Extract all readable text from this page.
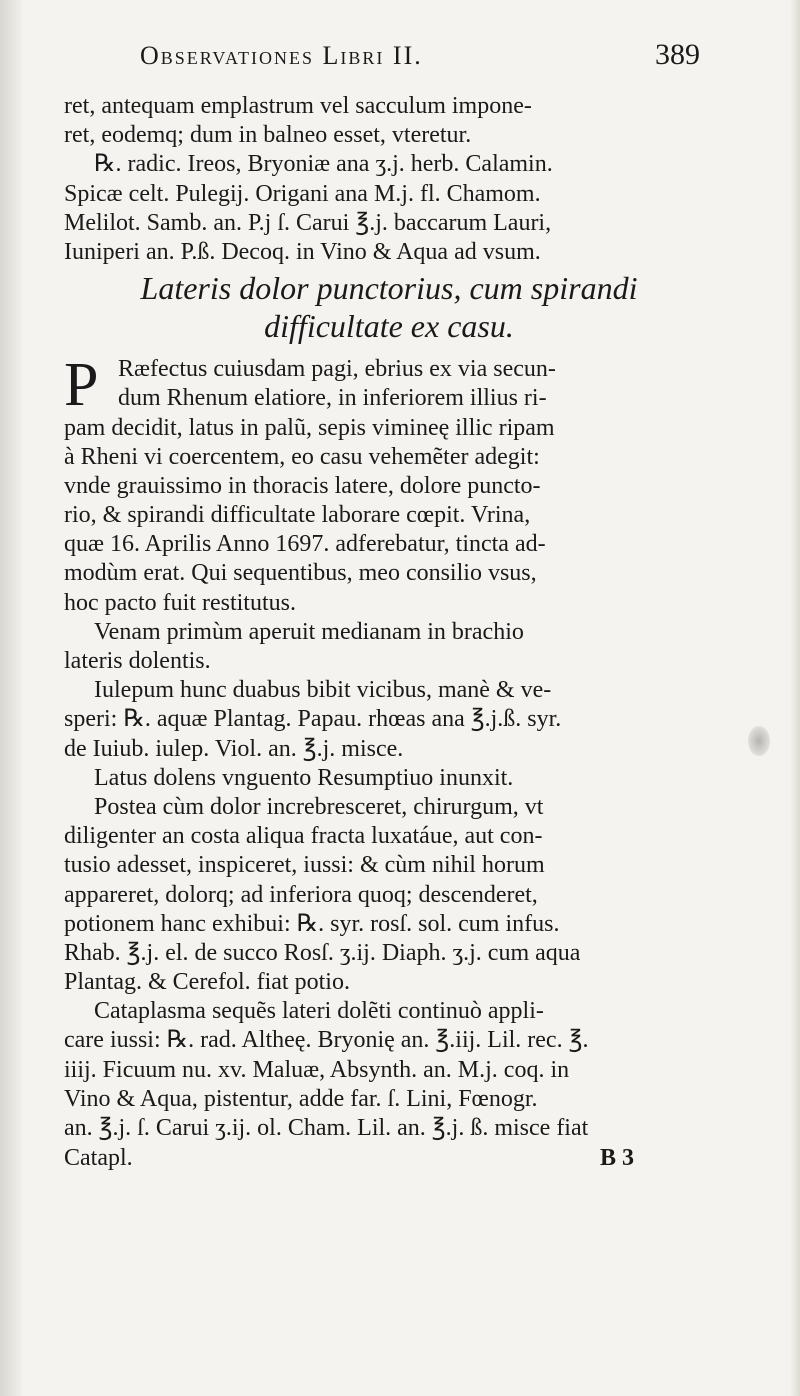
Observationes Libri II.	389
ret, antequam emplastrum vel sacculum impone-
ret, eodemq; dum in balneo esset, vteretur.
℞. radic. Ireos, Bryoniæ ana ʒ.j. herb. Calamin.
Spicæ celt. Pulegij. Origani ana M.j. fl. Chamom.
Melilot. Samb. an. P.j ſ. Carui ℥.j. baccarum Lauri,
Iuniperi an. P.ß. Decoq. in Vino & Aqua ad vsum.
Lateris dolor punctorius, cum spirandi
difficultate ex casu.
P Ræfectus cuiusdam pagi, ebrius ex via secun-
dum Rhenum elatiore, in inferiorem illius ri-
pam decidit, latus in palũ, sepis vimineę illic ripam
à Rheni vi coercentem, eo casu vehemẽter adegit:
vnde grauissimo in thoracis latere, dolore puncto-
rio, & spirandi difficultate laborare cœpit. Vrina,
quæ 16. Aprilis Anno 1697. adferebatur, tincta ad-
modùm erat. Qui sequentibus, meo consilio vsus,
hoc pacto fuit restitutus.
Venam primùm aperuit medianam in brachio
lateris dolentis.
Iulepum hunc duabus bibit vicibus, manè & ve-
speri: ℞. aquæ Plantag. Papau. rhœas ana ℥.j.ß. syr.
de Iuiub. iulep. Viol. an. ℥.j. misce.
Latus dolens vnguento Resumptiuo inunxit.
Postea cùm dolor increbresceret, chirurgum, vt
diligenter an costa aliqua fracta luxatáue, aut con-
tusio adesset, inspiceret, iussi: & cùm nihil horum
appareret, dolorq; ad inferiora quoq; descenderet,
potionem hanc exhibui: ℞. syr. rosſ. sol. cum infus.
Rhab. ℥.j. el. de succo Rosſ. ʒ.ij. Diaph. ʒ.j. cum aqua
Plantag. & Cerefol. fiat potio.
Cataplasma sequẽs lateri dolẽti continuò appli-
care iussi: ℞. rad. Altheę. Bryonię an. ℥.iij. Lil. rec. ℥.
iiij. Ficuum nu. xv. Maluæ, Absynth. an. M.j. coq. in
Vino & Aqua, pistentur, adde far. ſ. Lini, Fœnogr.
an. ℥.j. ſ. Carui ʒ.ij. ol. Cham. Lil. an. ℥.j. ß. misce fiat
Catapl.	B 3
